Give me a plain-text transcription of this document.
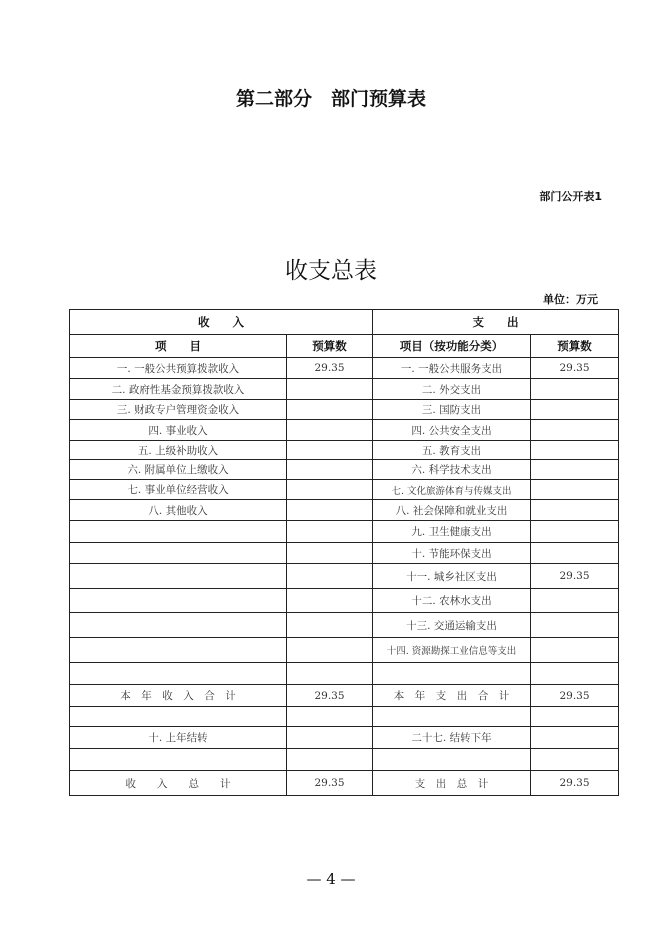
第二部分　部门预算表
部门公开表1
收支总表
单位：万元
收　　入		支　　出	
项　　目	预算数	项目（按功能分类）	预算数
一. 一般公共预算拨款收入	29.35	一. 一般公共服务支出	29.35
二. 政府性基金预算拨款收入		二. 外交支出	
三. 财政专户管理资金收入		三. 国防支出	
四. 事业收入		四. 公共安全支出	
五. 上级补助收入		五. 教育支出	
六. 附属单位上缴收入		六. 科学技术支出	
七. 事业单位经营收入		七. 文化旅游体育与传媒支出	
八. 其他收入		八. 社会保障和就业支出	
		九. 卫生健康支出	
		十. 节能环保支出	
		十一. 城乡社区支出	29.35
		十二. 农林水支出	
		十三. 交通运输支出	
		十四. 资源勘探工业信息等支出	

本　年　收　入　合　计	29.35	本　年　支　出　合　计	29.35

十. 上年结转		二十七. 结转下年	

收　　入　　总　　计	29.35	支　出　总　计	29.35
— 4 —
